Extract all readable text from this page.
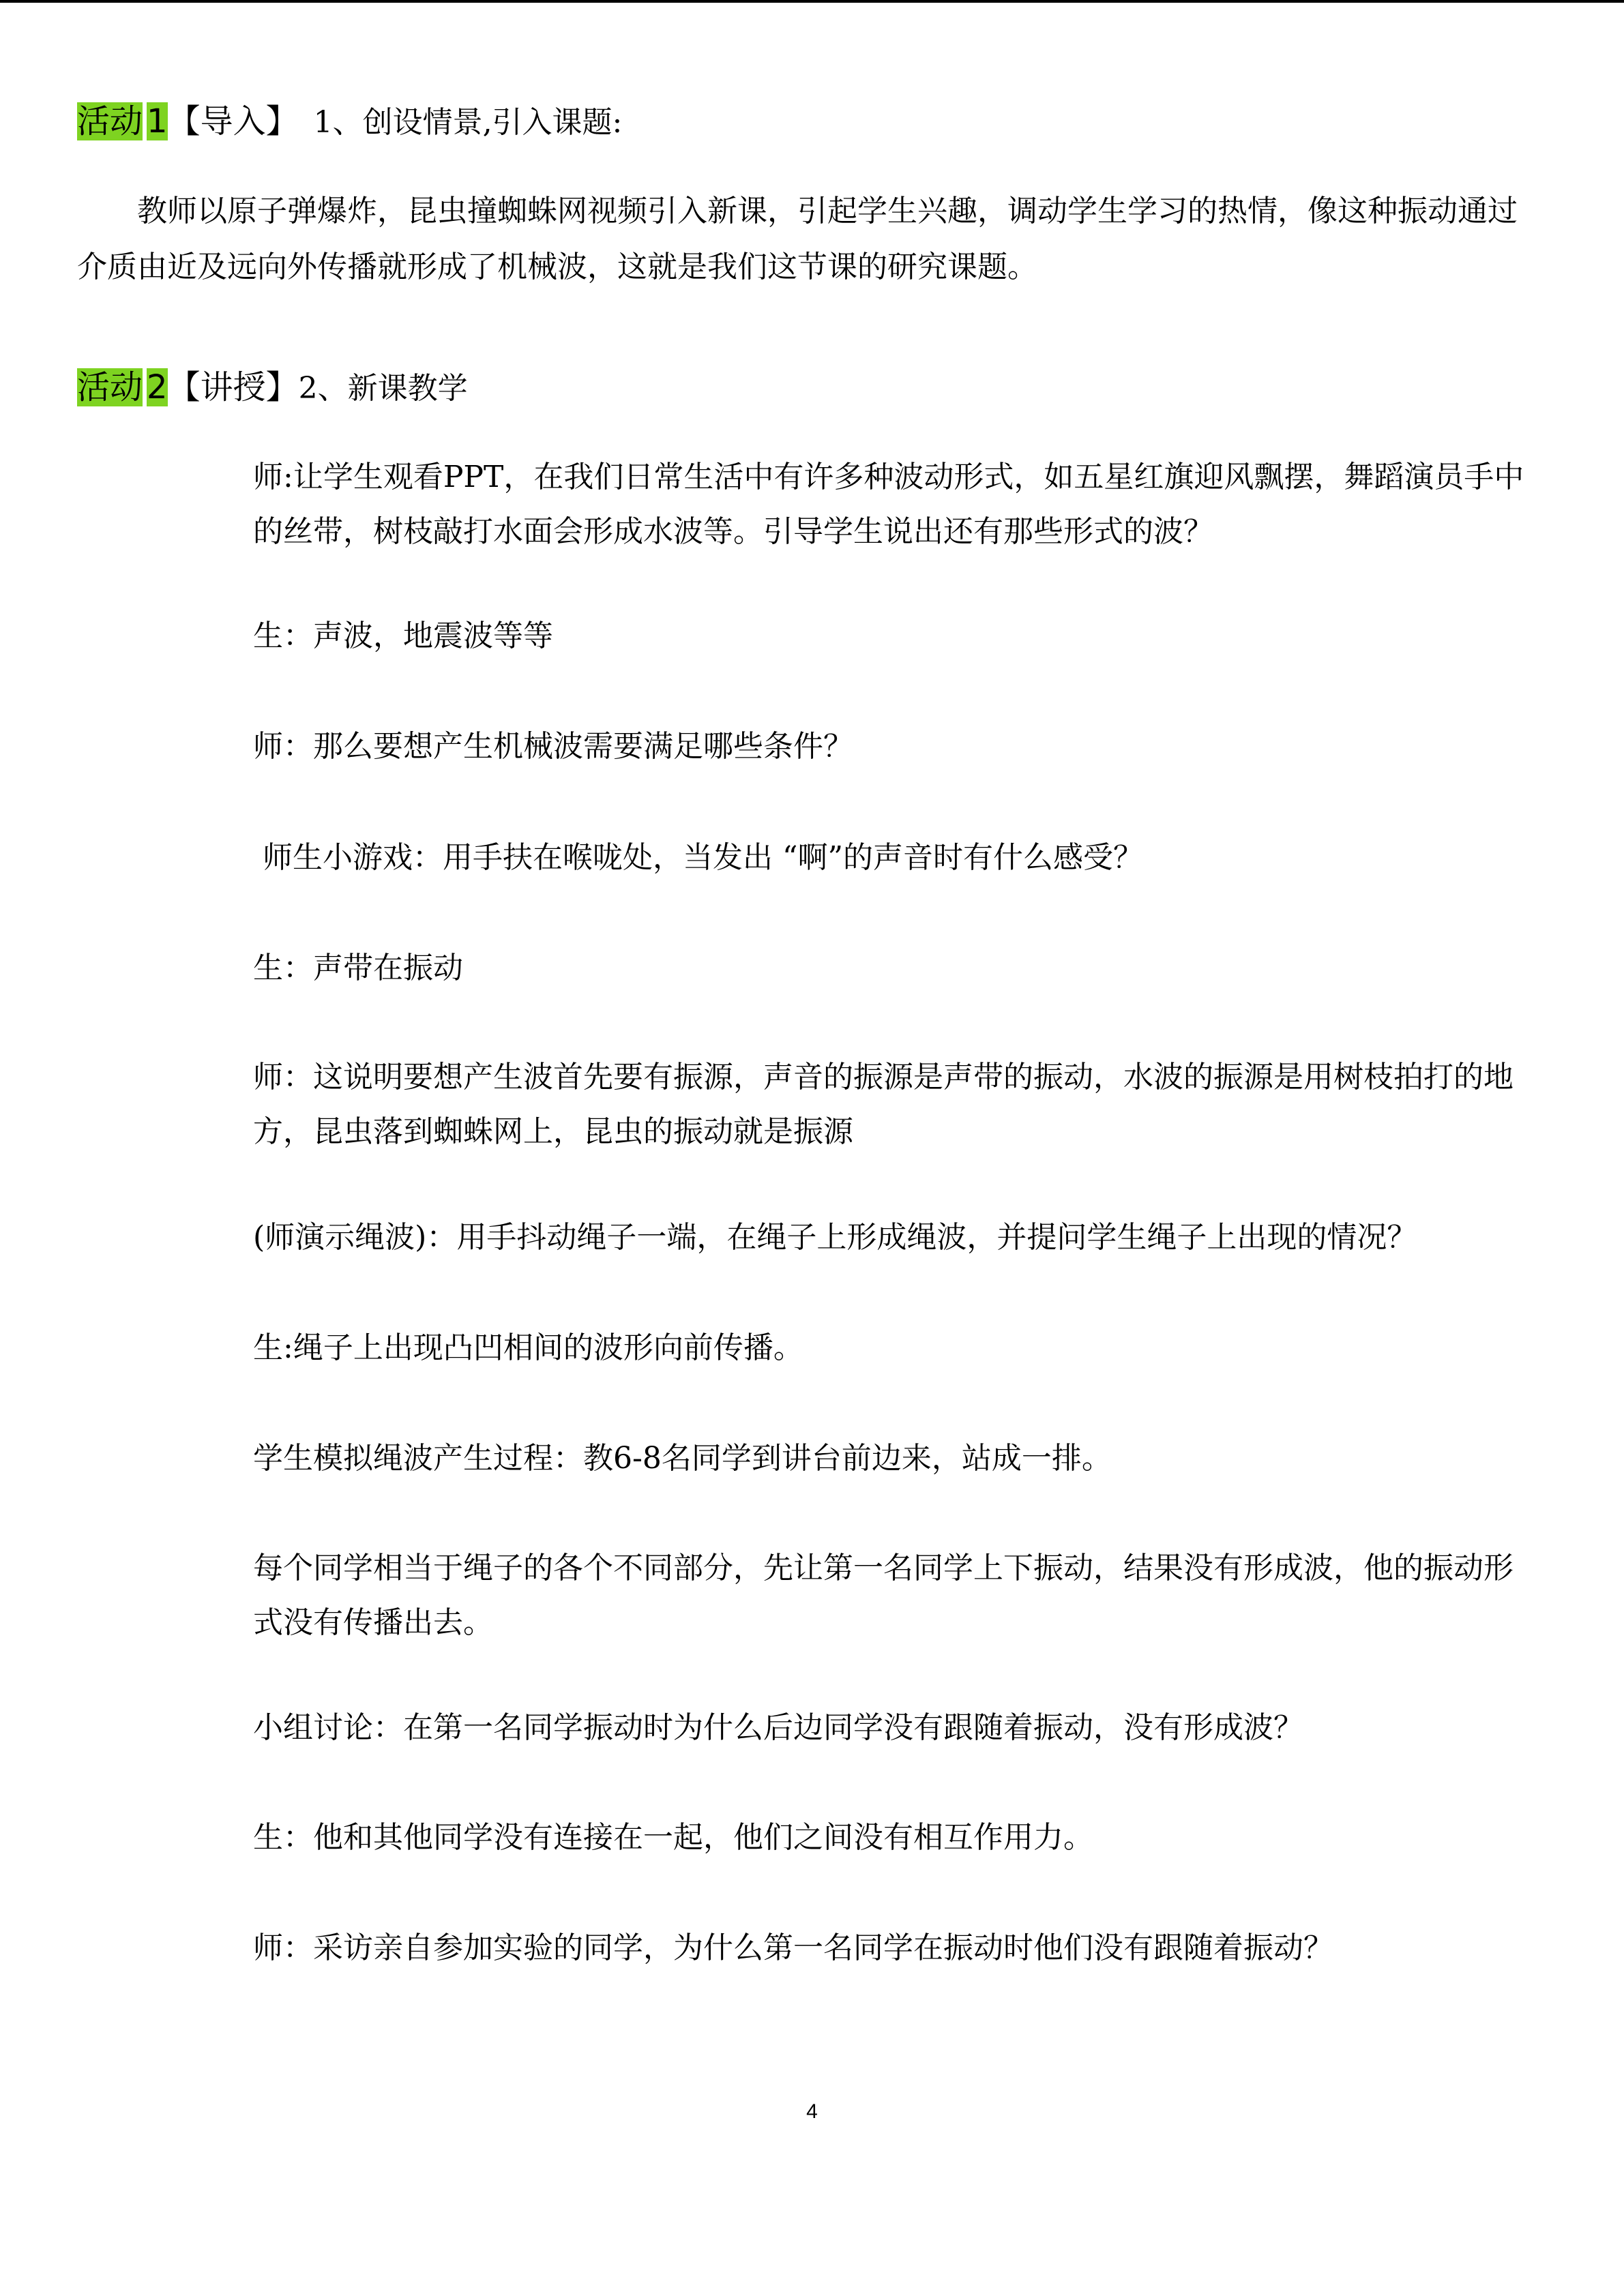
活动 1【导入】 1、创设情景,引入课题:
教师以原子弹爆炸，昆虫撞蜘蛛网视频引入新课，引起学生兴趣，调动学生学习的热情，像这种振动通过介质由近及远向外传播就形成了机械波，这就是我们这节课的研究课题。
活动 2【讲授】2、新课教学
师:让学生观看PPT，在我们日常生活中有许多种波动形式，如五星红旗迎风飘摆，舞蹈演员手中的丝带，树枝敲打水面会形成水波等。引导学生说出还有那些形式的波？
生：声波，地震波等等
师：那么要想产生机械波需要满足哪些条件？
师生小游戏：用手扶在喉咙处，当发出 “啊”的声音时有什么感受？
生：声带在振动
师：这说明要想产生波首先要有振源，声音的振源是声带的振动，水波的振源是用树枝拍打的地方，昆虫落到蜘蛛网上，昆虫的振动就是振源
(师演示绳波)：用手抖动绳子一端，在绳子上形成绳波，并提问学生绳子上出现的情况？
生:绳子上出现凸凹相间的波形向前传播。
学生模拟绳波产生过程：教6-8名同学到讲台前边来，站成一排。
每个同学相当于绳子的各个不同部分，先让第一名同学上下振动，结果没有形成波，他的振动形式没有传播出去。
小组讨论：在第一名同学振动时为什么后边同学没有跟随着振动，没有形成波？
生：他和其他同学没有连接在一起，他们之间没有相互作用力。
师：采访亲自参加实验的同学，为什么第一名同学在振动时他们没有跟随着振动？
4
